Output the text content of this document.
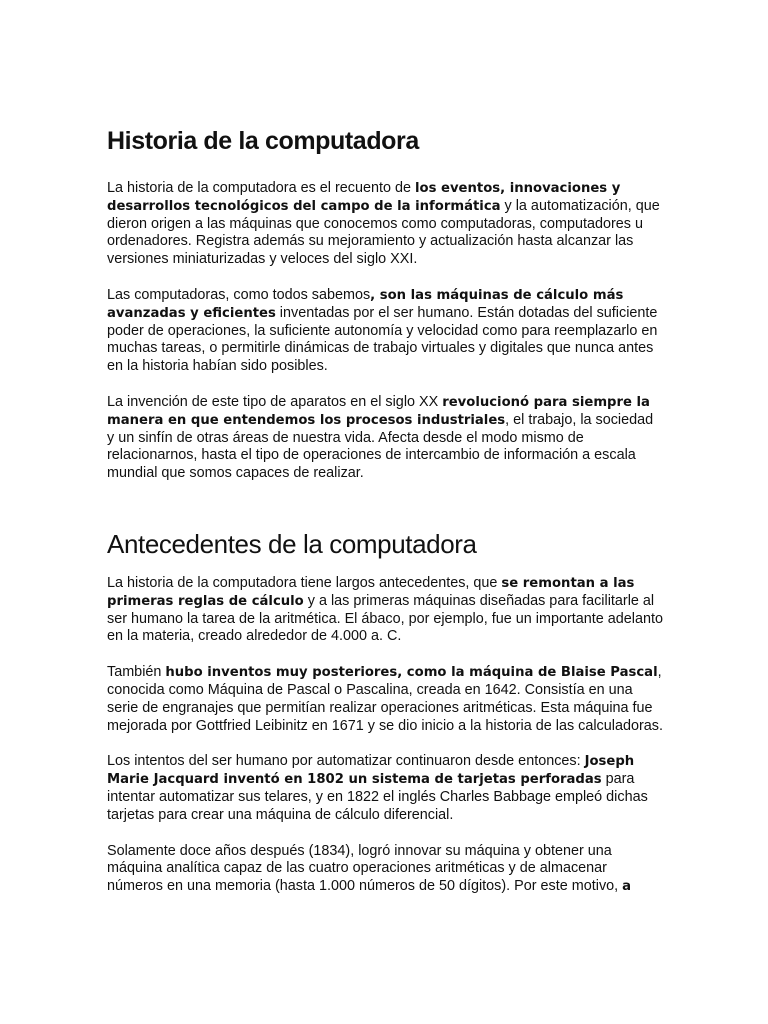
Historia de la computadora

La historia de la computadora es el recuento de los eventos, innovaciones y desarrollos tecnológicos del campo de la informática y la automatización, que dieron origen a las máquinas que conocemos como computadoras, computadores u ordenadores. Registra además su mejoramiento y actualización hasta alcanzar las versiones miniaturizadas y veloces del siglo XXI.

Las computadoras, como todos sabemos, son las máquinas de cálculo más avanzadas y eficientes inventadas por el ser humano. Están dotadas del suficiente poder de operaciones, la suficiente autonomía y velocidad como para reemplazarlo en muchas tareas, o permitirle dinámicas de trabajo virtuales y digitales que nunca antes en la historia habían sido posibles.

La invención de este tipo de aparatos en el siglo XX revolucionó para siempre la manera en que entendemos los procesos industriales, el trabajo, la sociedad y un sinfín de otras áreas de nuestra vida. Afecta desde el modo mismo de relacionarnos, hasta el tipo de operaciones de intercambio de información a escala mundial que somos capaces de realizar.

Antecedentes de la computadora

La historia de la computadora tiene largos antecedentes, que se remontan a las primeras reglas de cálculo y a las primeras máquinas diseñadas para facilitarle al ser humano la tarea de la aritmética. El ábaco, por ejemplo, fue un importante adelanto en la materia, creado alrededor de 4.000 a. C.

También hubo inventos muy posteriores, como la máquina de Blaise Pascal, conocida como Máquina de Pascal o Pascalina, creada en 1642. Consistía en una serie de engranajes que permitían realizar operaciones aritméticas. Esta máquina fue mejorada por Gottfried Leibinitz en 1671 y se dio inicio a la historia de las calculadoras.

Los intentos del ser humano por automatizar continuaron desde entonces: Joseph Marie Jacquard inventó en 1802 un sistema de tarjetas perforadas para intentar automatizar sus telares, y en 1822 el inglés Charles Babbage empleó dichas tarjetas para crear una máquina de cálculo diferencial.

Solamente doce años después (1834), logró innovar su máquina y obtener una máquina analítica capaz de las cuatro operaciones aritméticas y de almacenar números en una memoria (hasta 1.000 números de 50 dígitos). Por este motivo, a
